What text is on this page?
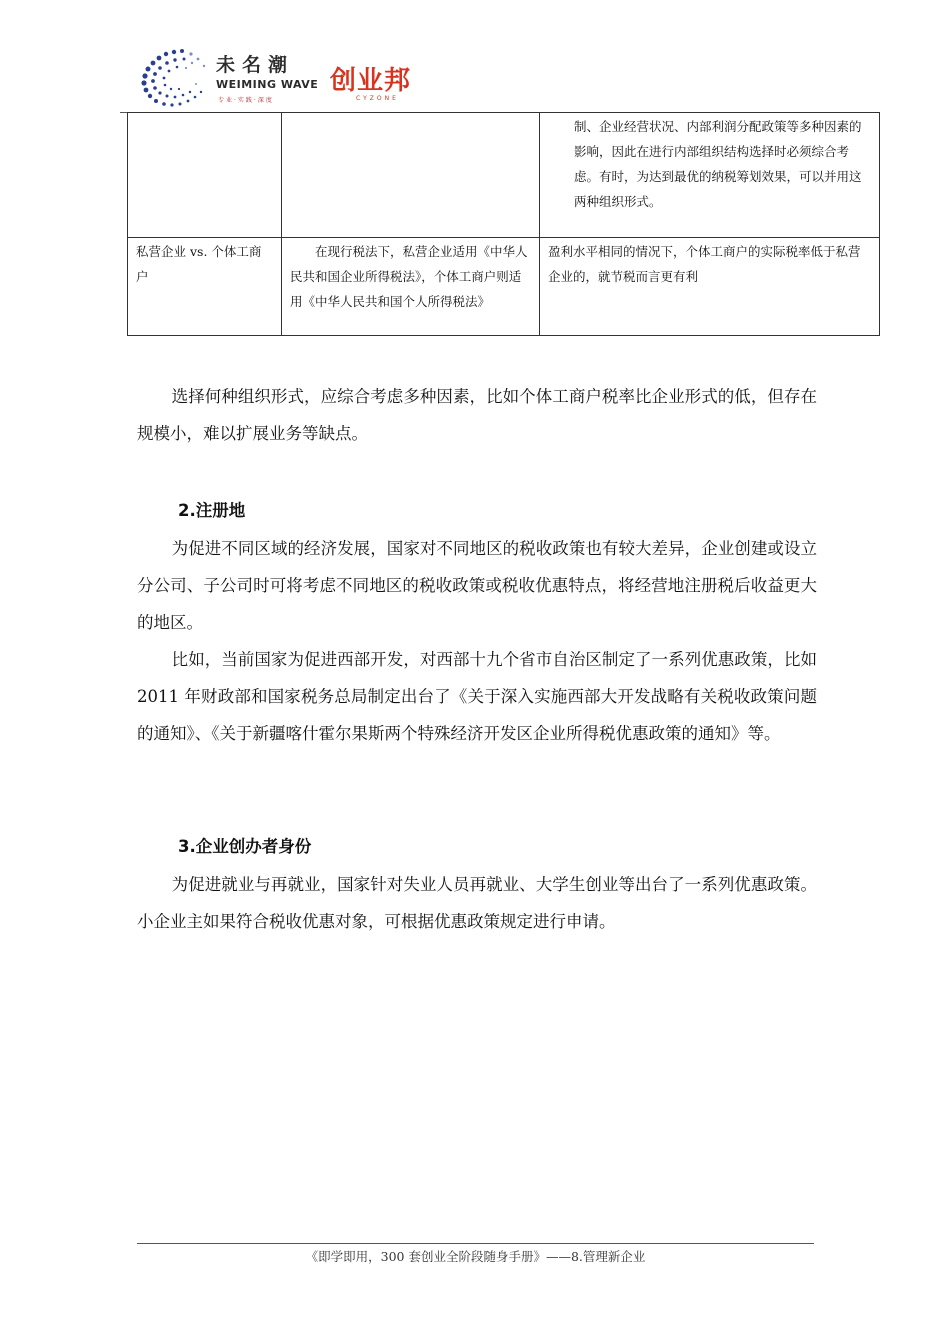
未名潮
WEIMING WAVE
专业·实践·深度
创业邦
CYZONE

		制、企业经营状况、内部利润分配政策等多种因素的影响，因此在进行内部组织结构选择时必须综合考虑。有时，为达到最优的纳税筹划效果，可以并用这两种组织形式。

私营企业 vs. 个体工商户	在现行税法下，私营企业适用《中华人民共和国企业所得税法》，个体工商户则适用《中华人民共和国个人所得税法》	盈利水平相同的情况下，个体工商户的实际税率低于私营企业的，就节税而言更有利

选择何种组织形式，应综合考虑多种因素，比如个体工商户税率比企业形式的低，但存在规模小，难以扩展业务等缺点。

2.注册地

为促进不同区域的经济发展，国家对不同地区的税收政策也有较大差异，企业创建或设立分公司、子公司时可将考虑不同地区的税收政策或税收优惠特点，将经营地注册税后收益更大的地区。

比如，当前国家为促进西部开发，对西部十九个省市自治区制定了一系列优惠政策，比如 2011 年财政部和国家税务总局制定出台了《关于深入实施西部大开发战略有关税收政策问题的通知》、《关于新疆喀什霍尔果斯两个特殊经济开发区企业所得税优惠政策的通知》等。

3.企业创办者身份

为促进就业与再就业，国家针对失业人员再就业、大学生创业等出台了一系列优惠政策。小企业主如果符合税收优惠对象，可根据优惠政策规定进行申请。

《即学即用，300 套创业全阶段随身手册》——8.管理新企业
